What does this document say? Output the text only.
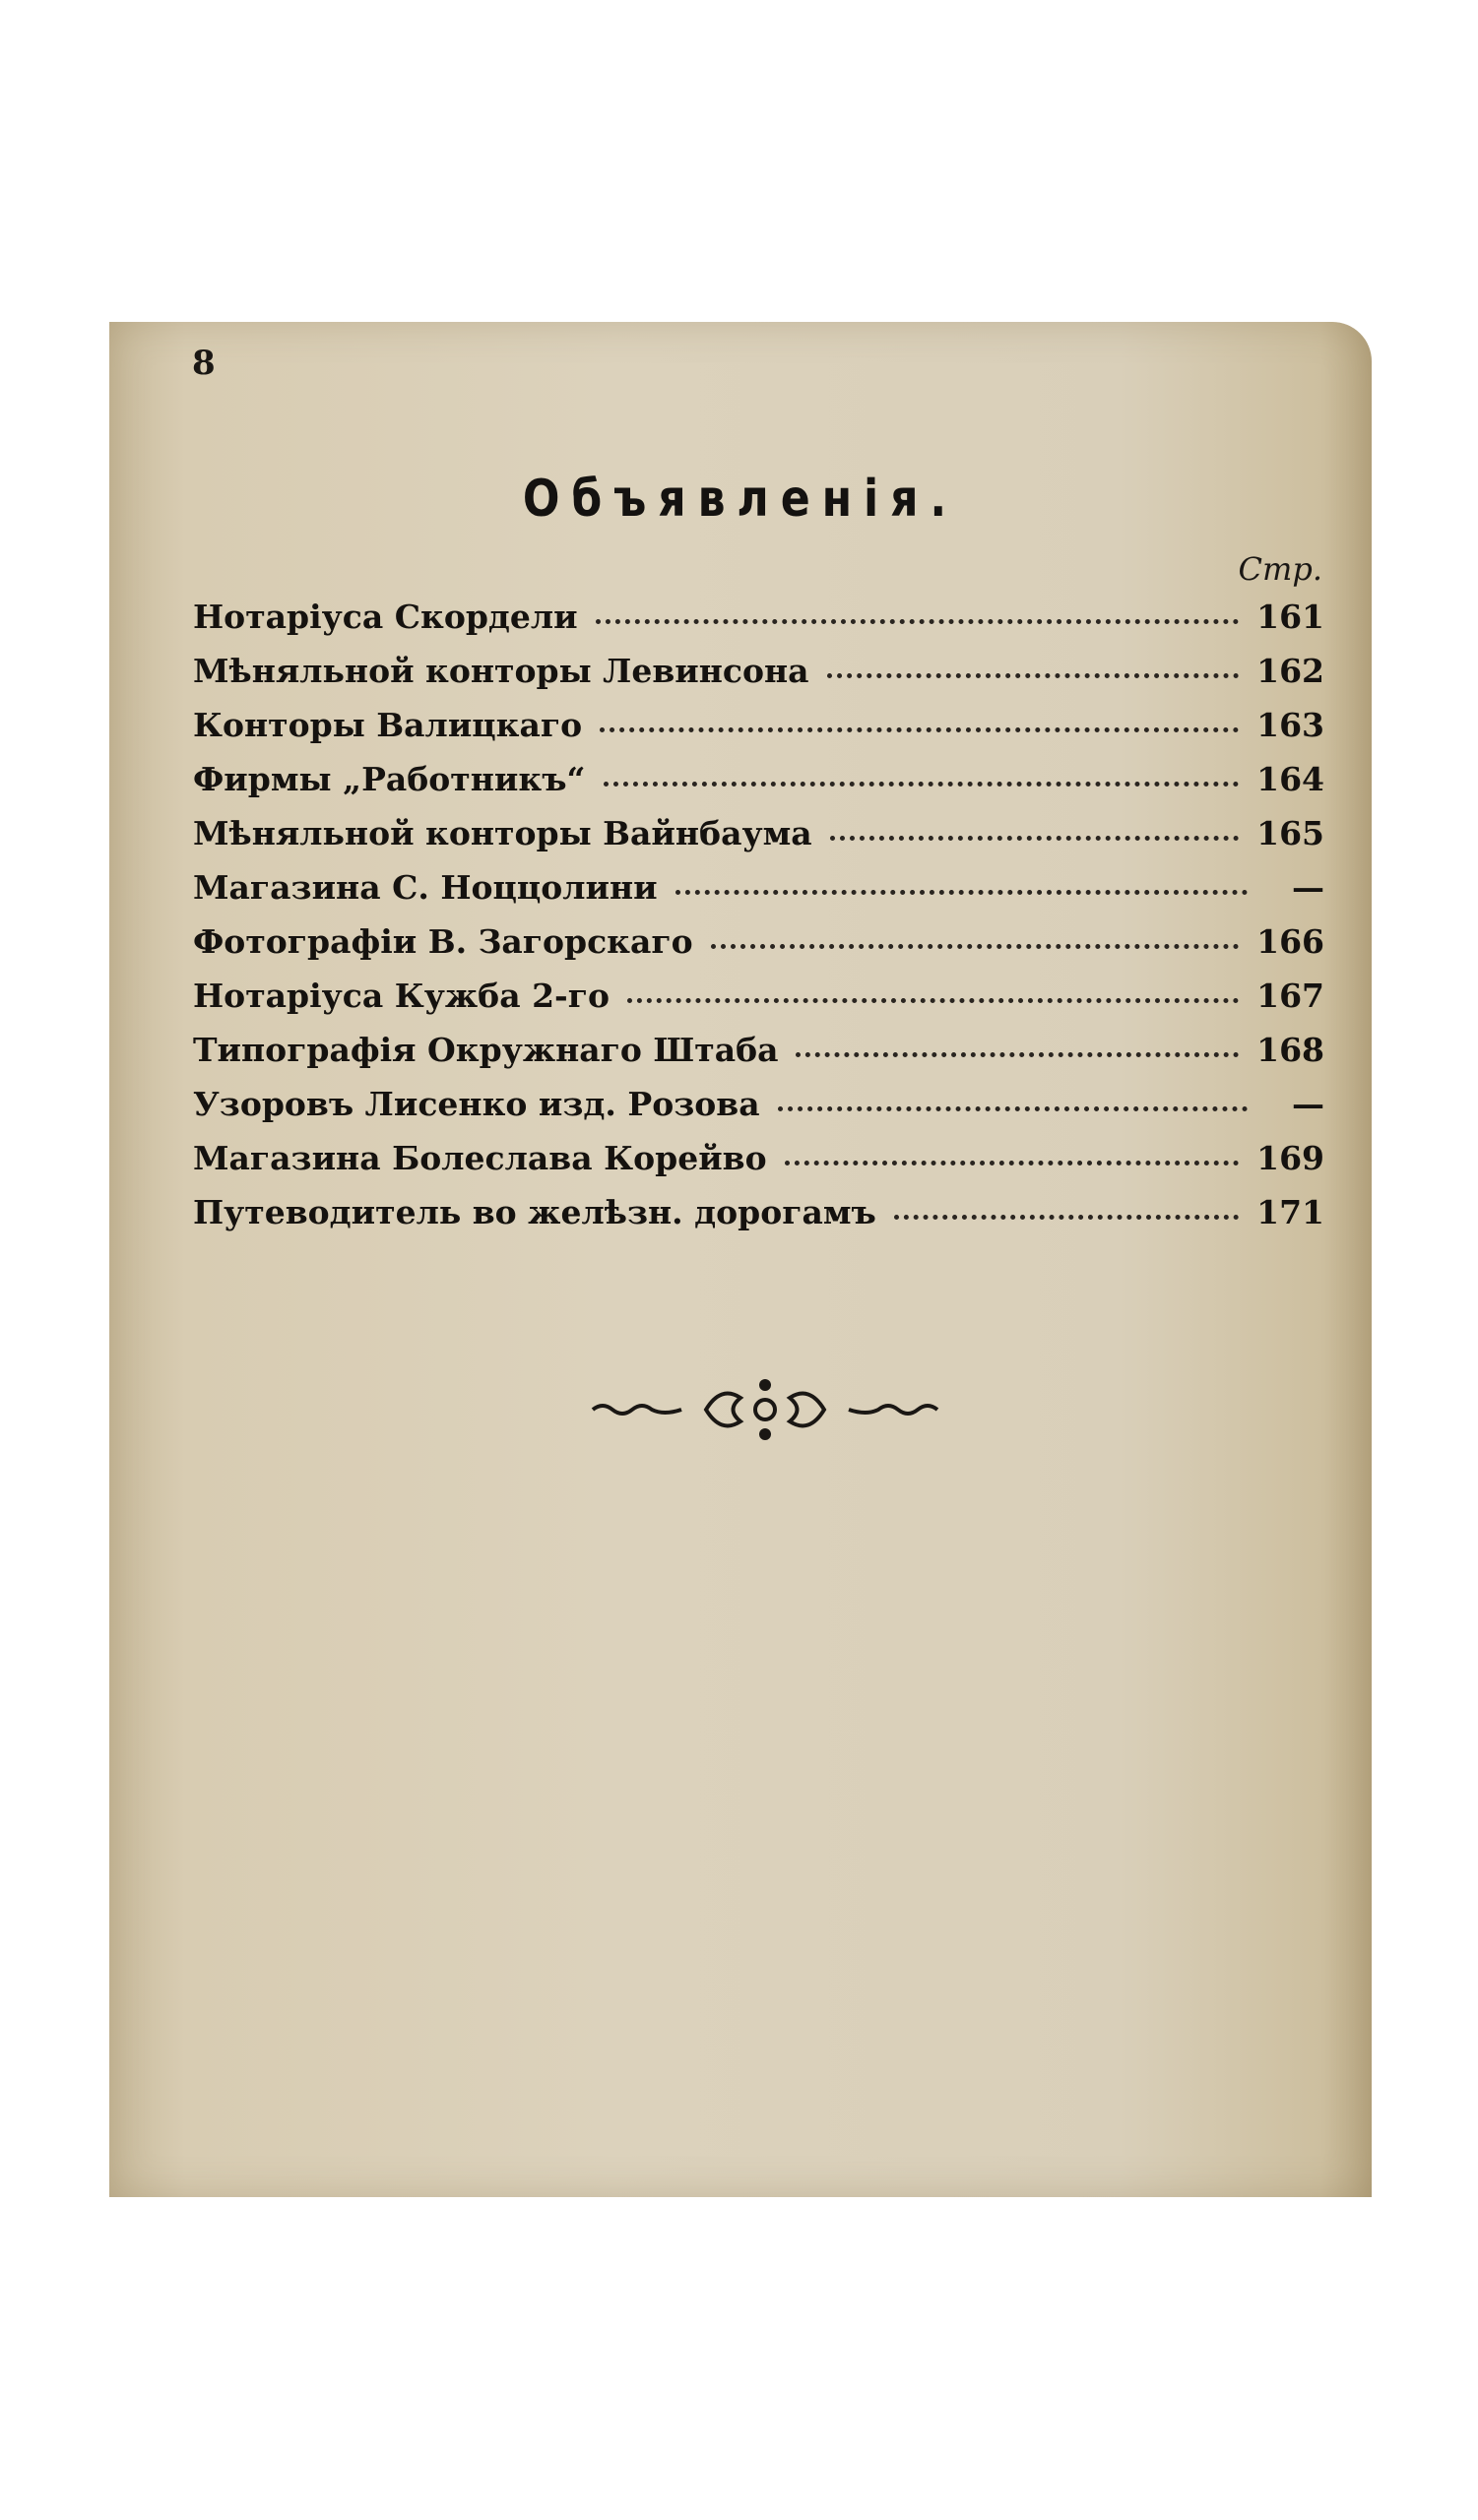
8
Объявленія.
Стр.
Нотаріуса Скордели	161
Мѣняльной конторы Левинсона	162
Конторы Валицкаго	163
Фирмы „Работникъ“	164
Мѣняльной конторы Вайнбаума	165
Магазина С. Ноццолини	—
Фотографіи В. Загорскаго	166
Нотаріуса Кужба 2-го	167
Типографія Окружнаго Штаба	168
Узоровъ Лисенко изд. Розова	—
Магазина Болеслава Корейво	169
Путеводитель во желѣзн. дорогамъ	171
